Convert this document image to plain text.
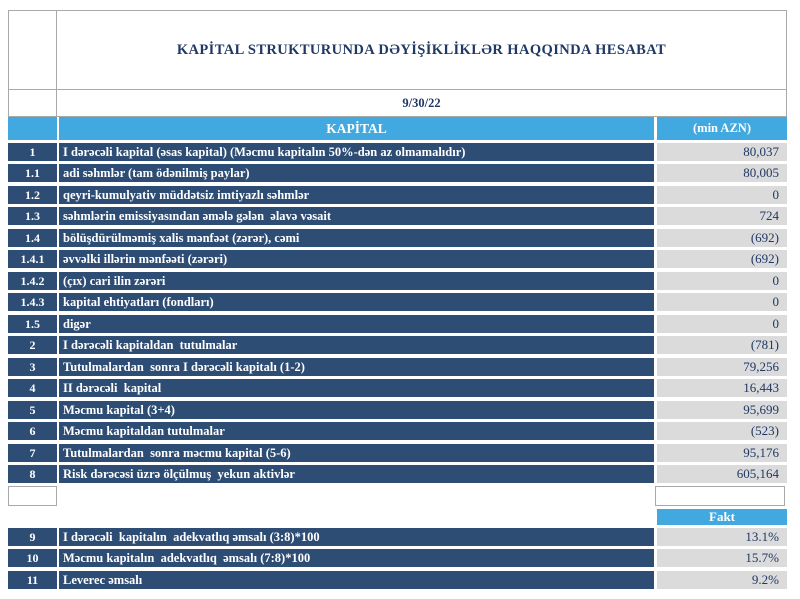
KAPİTAL STRUKTURUNDA DƏYİŞİKLİKLƏR HAQQINDA HESABAT
9/30/22
KAPİTAL	(min AZN)
1	I dərəcəli kapital (əsas kapital) (Məcmu kapitalın 50%-dən az olmamalıdır)	80,037
1.1	adi səhmlər (tam ödənilmiş paylar)	80,005
1.2	qeyri-kumulyativ müddətsiz imtiyazlı səhmlər	0
1.3	səhmlərin emissiyasından əmələ gələn  əlavə vəsait	724
1.4	bölüşdürülməmiş xalis mənfəət (zərər), cəmi	(692)
1.4.1	əvvəlki illərin mənfəəti (zərəri)	(692)
1.4.2	(çıx) cari ilin zərəri	0
1.4.3	kapital ehtiyatları (fondları)	0
1.5	digər	0
2	I dərəcəli kapitaldan  tutulmalar	(781)
3	Tutulmalardan  sonra I dərəcəli kapitalı (1-2)	79,256
4	II dərəcəli  kapital	16,443
5	Məcmu kapital (3+4)	95,699
6	Məcmu kapitaldan tutulmalar	(523)
7	Tutulmalardan  sonra məcmu kapital (5-6)	95,176
8	Risk dərəcəsi üzrə ölçülmuş  yekun aktivlər	605,164
Fakt
9	I dərəcəli  kapitalın  adekvatlıq əmsalı (3:8)*100	13.1%
10	Məcmu kapitalın  adekvatlıq  əmsalı (7:8)*100	15.7%
11	Leverec əmsalı	9.2%
